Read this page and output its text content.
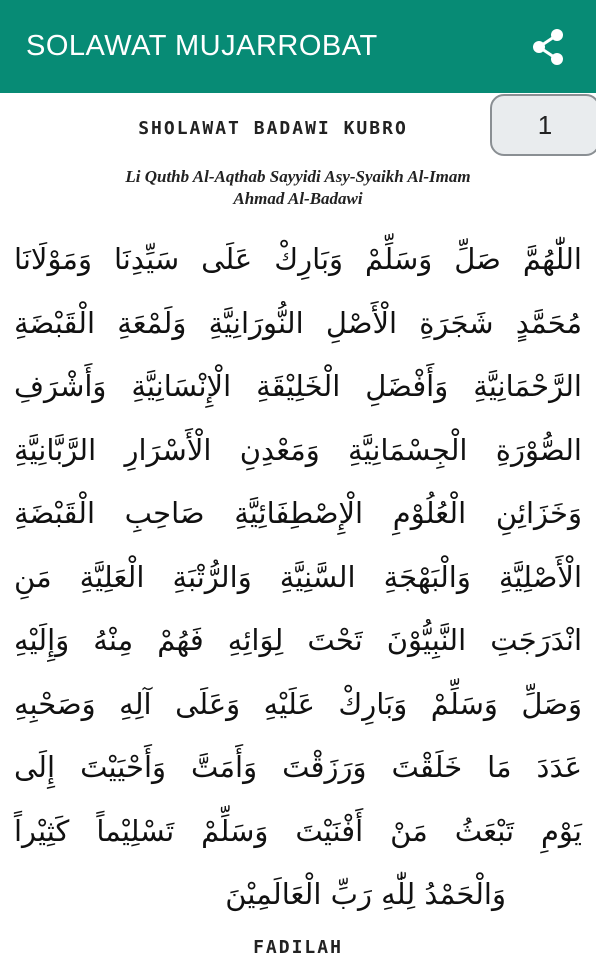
SOLAWAT MUJARROBAT
SHOLAWAT BADAWI KUBRO	1
Li Quthb Al-Aqthab Sayyidi Asy-Syaikh Al-Imam
Ahmad Al-Badawi
اللّٰهُمَّ صَلِّ وَسَلِّمْ وَبَارِكْ عَلَى سَيِّدِنَا وَمَوْلَانَا
مُحَمَّدٍ شَجَرَةِ الْأَصْلِ النُّورَانِيَّةِ وَلَمْعَةِ الْقَبْضَةِ
الرَّحْمَانِيَّةِ وَأَفْضَلِ الْخَلِيْقَةِ الْإِنْسَانِيَّةِ وَأَشْرَفِ
الصُّوْرَةِ الْجِسْمَانِيَّةِ وَمَعْدِنِ الْأَسْرَارِ الرَّبَّانِيَّةِ
وَخَزَائِنِ الْعُلُوْمِ الْإِصْطِفَائِيَّةِ صَاحِبِ الْقَبْضَةِ
الْأَصْلِيَّةِ وَالْبَهْجَةِ السَّنِيَّةِ وَالرُّتْبَةِ الْعَلِيَّةِ مَنِ
انْدَرَجَتِ النَّبِيُّوْنَ تَحْتَ لِوَائِهِ فَهُمْ مِنْهُ وَإِلَيْهِ
وَصَلِّ وَسَلِّمْ وَبَارِكْ عَلَيْهِ وَعَلَى آلِهِ وَصَحْبِهِ
عَدَدَ مَا خَلَقْتَ وَرَزَقْتَ وَأَمَتَّ وَأَحْيَيْتَ إِلَى
يَوْمِ تَبْعَثُ مَنْ أَفْنَيْتَ وَسَلِّمْ تَسْلِيْماً كَثِيْراً
وَالْحَمْدُ لِلّٰهِ رَبِّ الْعَالَمِيْنَ
FADILAH
